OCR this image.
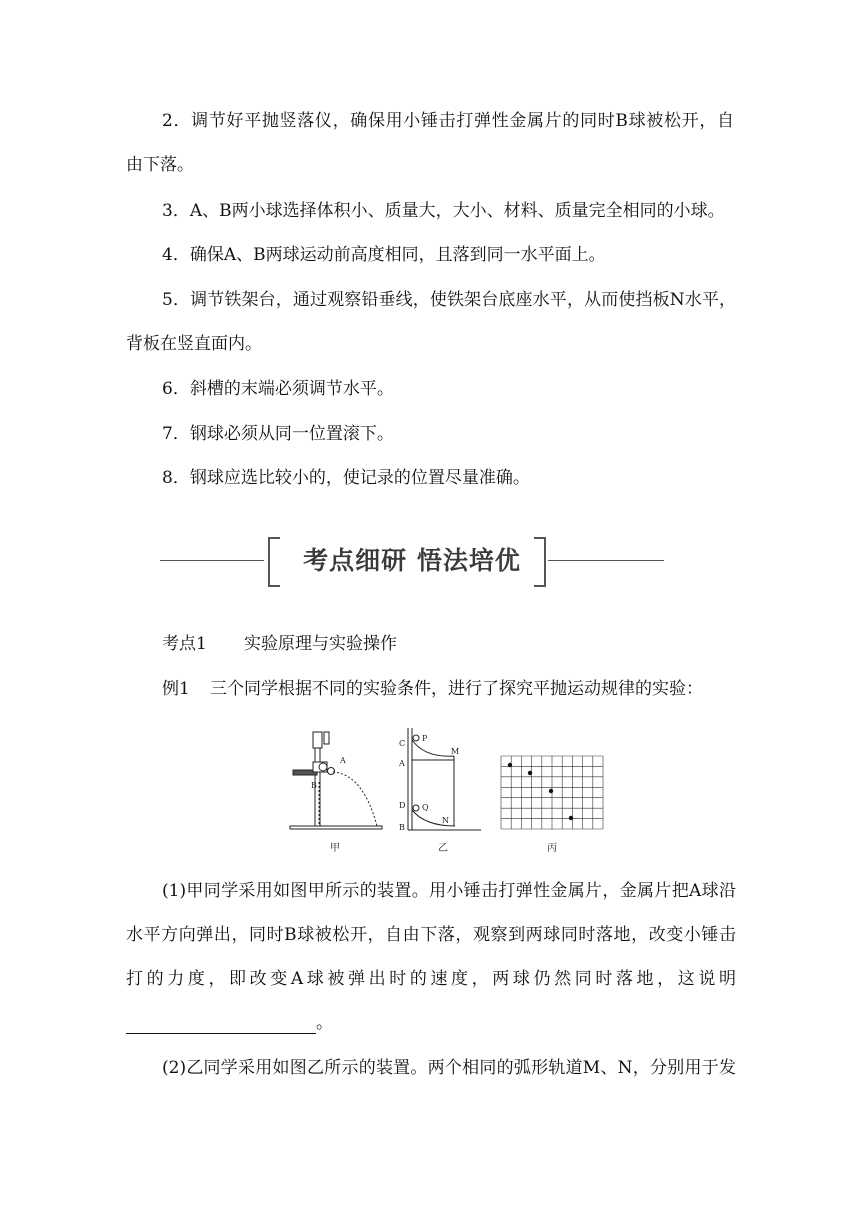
2．调节好平抛竖落仪，确保用小锤击打弹性金属片的同时B球被松开，自
由下落。
3．A、B两小球选择体积小、质量大，大小、材料、质量完全相同的小球。
4．确保A、B两球运动前高度相同，且落到同一水平面上。
5．调节铁架台，通过观察铅垂线，使铁架台底座水平，从而使挡板N水平，
背板在竖直面内。
6．斜槽的末端必须调节水平。
7．钢球必须从同一位置滚下。
8．钢球应选比较小的，使记录的位置尽量准确。
考点细研 悟法培优
考点1 实验原理与实验操作
例1 三个同学根据不同的实验条件，进行了探究平抛运动规律的实验：
A
B
C
P
M
A
D Q
N
B
甲	乙	丙
(1)甲同学采用如图甲所示的装置。用小锤击打弹性金属片，金属片把A球沿
水平方向弹出，同时B球被松开，自由下落，观察到两球同时落地，改变小锤击
打的力度，即改变A球被弹出时的速度，两球仍然同时落地，这说明
。
(2)乙同学采用如图乙所示的装置。两个相同的弧形轨道M、N，分别用于发
